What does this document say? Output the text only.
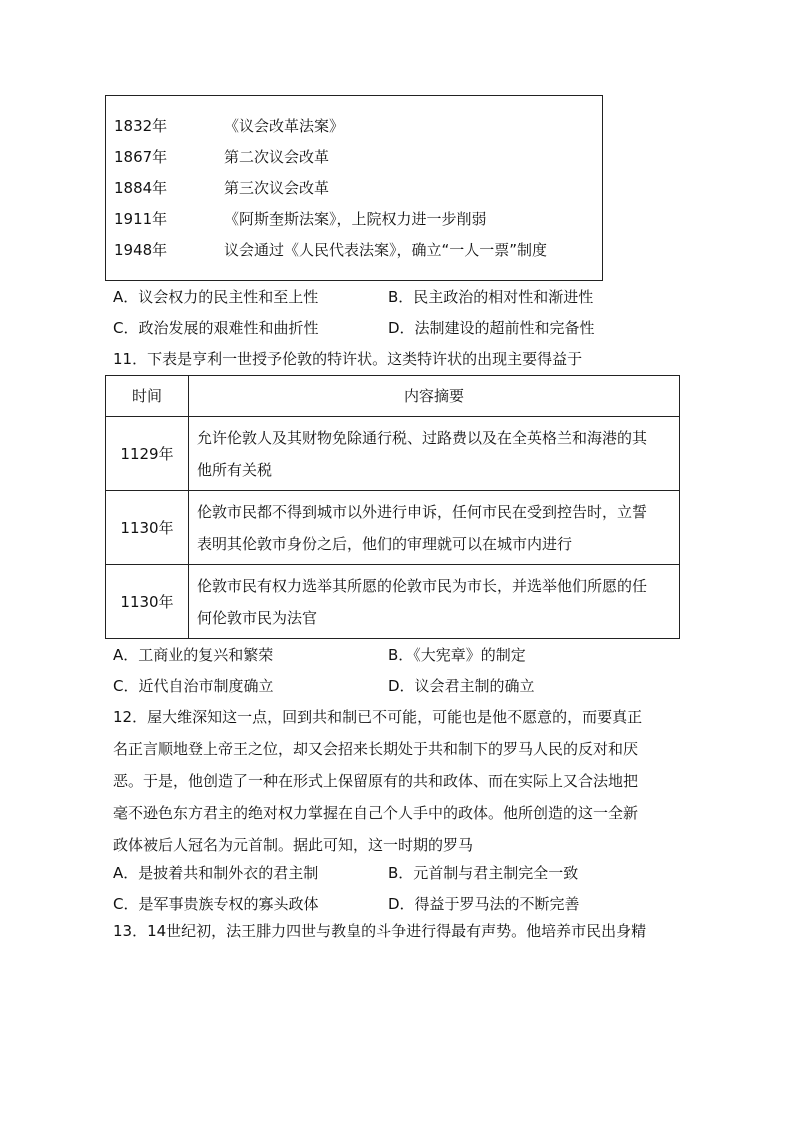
1832年	《议会改革法案》
1867年	第二次议会改革
1884年	第三次议会改革
1911年	《阿斯奎斯法案》，上院权力进一步削弱
1948年	议会通过《人民代表法案》，确立“一人一票”制度
A．议会权力的民主性和至上性	B．民主政治的相对性和渐进性
C．政治发展的艰难性和曲折性	D．法制建设的超前性和完备性
11．下表是亨利一世授予伦敦的特许状。这类特许状的出现主要得益于
时间	内容摘要
1129年	允许伦敦人及其财物免除通行税、过路费以及在全英格兰和海港的其
他所有关税

1130年	伦敦市民都不得到城市以外进行申诉，任何市民在受到控告时，立誓
表明其伦敦市身份之后，他们的审理就可以在城市内进行

1130年	伦敦市民有权力选举其所愿的伦敦市民为市长，并选举他们所愿的任
何伦敦市民为法官
A．工商业的复兴和繁荣	B．《大宪章》的制定
C．近代自治市制度确立	D．议会君主制的确立
12．屋大维深知这一点，回到共和制已不可能，可能也是他不愿意的，而要真正
名正言顺地登上帝王之位，却又会招来长期处于共和制下的罗马人民的反对和厌
恶。于是，他创造了一种在形式上保留原有的共和政体、而在实际上又合法地把
毫不逊色东方君主的绝对权力掌握在自己个人手中的政体。他所创造的这一全新
政体被后人冠名为元首制。据此可知，这一时期的罗马
A．是披着共和制外衣的君主制	B．元首制与君主制完全一致
C．是军事贵族专权的寡头政体	D．得益于罗马法的不断完善
13．14世纪初，法王腓力四世与教皇的斗争进行得最有声势。他培养市民出身精
